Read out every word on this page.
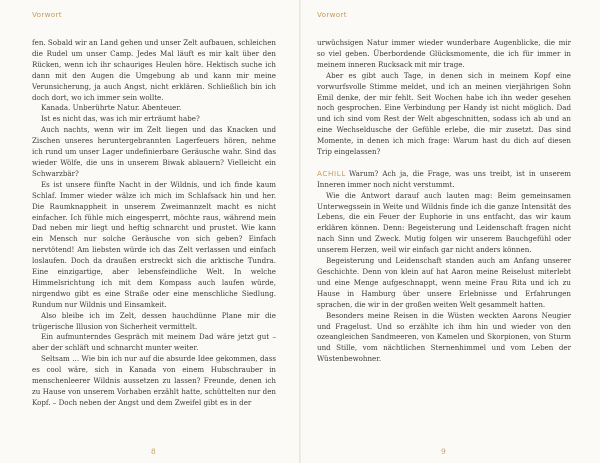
Vorwort

fen. Sobald wir an Land gehen und unser Zelt aufbauen, schleichen die Rudel um unser Camp. Jedes Mal läuft es mir kalt über den Rücken, wenn ich ihr schauriges Heulen höre. Hektisch suche ich dann mit den Augen die Umgebung ab und kann mir meine Verunsicherung, ja auch Angst, nicht erklären. Schließlich bin ich doch dort, wo ich immer sein wollte.

Kanada. Unberührte Natur. Abenteuer.

Ist es nicht das, was ich mir erträumt habe?

Auch nachts, wenn wir im Zelt liegen und das Knacken und Zischen unseres heruntergebrannten Lagerfeuers hören, nehme ich rund um unser Lager undefinierbare Geräusche wahr. Sind das wieder Wölfe, die uns in unserem Biwak ablauern? Vielleicht ein Schwarzbär?

Es ist unsere fünfte Nacht in der Wildnis, und ich finde kaum Schlaf. Immer wieder wälze ich mich im Schlafsack hin und her. Die Raumknappheit in unserem Zweimannzelt macht es nicht einfacher. Ich fühle mich eingesperrt, möchte raus, während mein Dad neben mir liegt und heftig schnarcht und prustet. Wie kann ein Mensch nur solche Geräusche von sich geben? Einfach nervtötend! Am liebsten würde ich das Zelt verlassen und einfach loslaufen. Doch da draußen erstreckt sich die arktische Tundra. Eine einzigartige, aber lebensfeindliche Welt. In welche Himmelsrichtung ich mit dem Kompass auch laufen würde, nirgendwo gibt es eine Straße oder eine menschliche Siedlung. Rundum nur Wildnis und Einsamkeit.

Also bleibe ich im Zelt, dessen hauchdünne Plane mir die trügerische Illusion von Sicherheit vermittelt.

Ein aufmunterndes Gespräch mit meinem Dad wäre jetzt gut – aber der schläft und schnarcht munter weiter.

Seltsam … Wie bin ich nur auf die absurde Idee gekommen, dass es cool wäre, sich in Kanada von einem Hubschrauber in menschenleerer Wildnis aussetzen zu lassen? Freunde, denen ich zu Hause von unserem Vorhaben erzählt hatte, schüttelten nur den Kopf. – Doch neben der Angst und dem Zweifel gibt es in der

8
Vorwort

urwüchsigen Natur immer wieder wunderbare Augenblicke, die mir so viel geben. Überbordende Glücksmomente, die ich für immer in meinem inneren Rucksack mit mir trage.

Aber es gibt auch Tage, in denen sich in meinem Kopf eine vorwurfsvolle Stimme meldet, und ich an meinen vierjährigen Sohn Emil denke, der mir fehlt. Seit Wochen habe ich ihn weder gesehen noch gesprochen. Eine Verbindung per Handy ist nicht möglich. Dad und ich sind vom Rest der Welt abgeschnitten, sodass ich ab und an eine Wechseldusche der Gefühle erlebe, die mir zusetzt. Das sind Momente, in denen ich mich frage: Warum hast du dich auf diesen Trip eingelassen?

ACHILL Warum? Ach ja, die Frage, was uns treibt, ist in unserem Inneren immer noch nicht verstummt.

Wie die Antwort darauf auch lauten mag: Beim gemeinsamen Unterwegssein in Weite und Wildnis finde ich die ganze Intensität des Lebens, die ein Feuer der Euphorie in uns entfacht, das wir kaum erklären können. Denn: Begeisterung und Leidenschaft fragen nicht nach Sinn und Zweck. Mutig folgen wir unserem Bauchgefühl oder unserem Herzen, weil wir einfach gar nicht anders können.

Begeisterung und Leidenschaft standen auch am Anfang unserer Geschichte. Denn von klein auf hat Aaron meine Reiselust miterlebt und eine Menge aufgeschnappt, wenn meine Frau Rita und ich zu Hause in Hamburg über unsere Erlebnisse und Erfahrungen sprachen, die wir in der großen weiten Welt gesammelt hatten.

Besonders meine Reisen in die Wüsten weckten Aarons Neugier und Fragelust. Und so erzählte ich ihm hin und wieder von den ozeangleichen Sandmeeren, von Kamelen und Skorpionen, von Sturm und Stille, vom nächtlichen Sternenhimmel und vom Leben der Wüstenbewohner.

9
